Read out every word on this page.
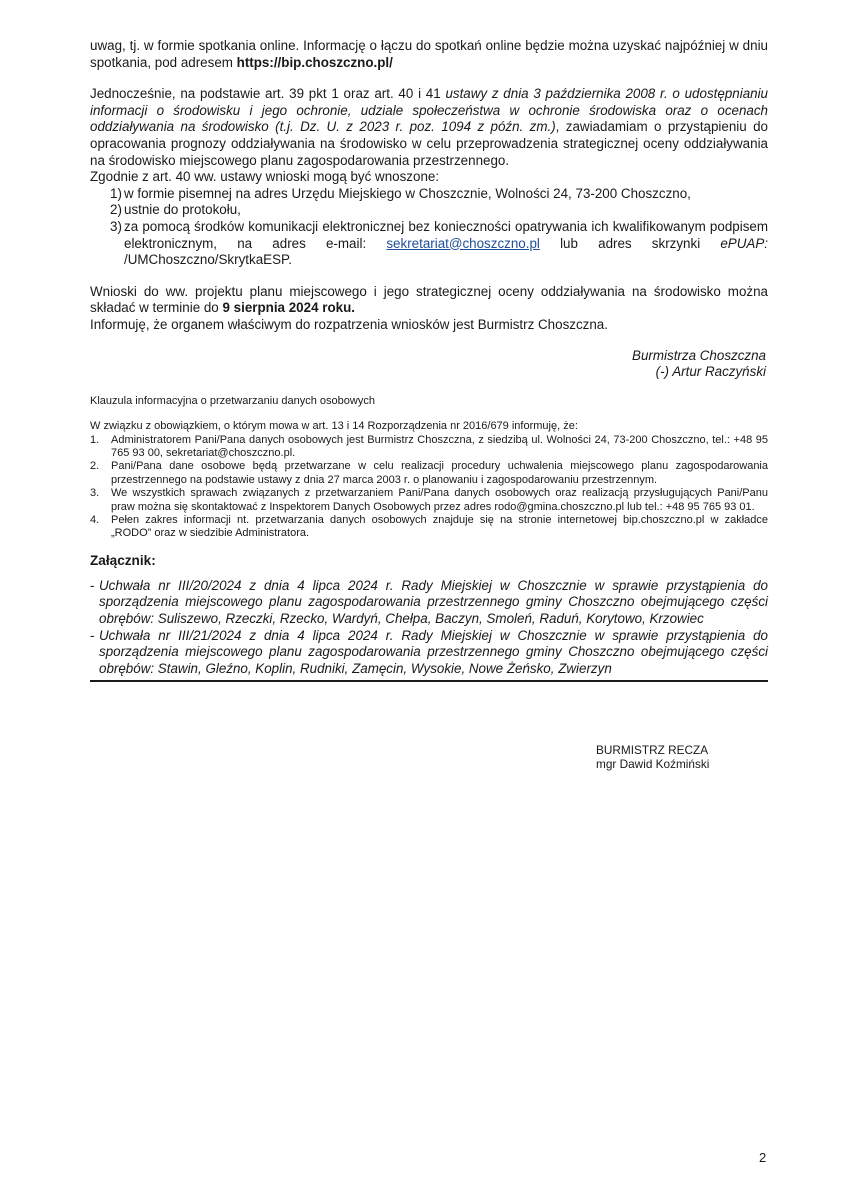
uwag, tj. w formie spotkania online. Informację o łączu do spotkań online będzie można uzyskać najpóźniej w dniu spotkania, pod adresem https://bip.choszczno.pl/

Jednocześnie, na podstawie art. 39 pkt 1 oraz art. 40 i 41 ustawy z dnia 3 października 2008 r. o udostępnianiu informacji o środowisku i jego ochronie, udziale społeczeństwa w ochronie środowiska oraz o ocenach oddziaływania na środowisko (t.j. Dz. U. z 2023 r. poz. 1094 z późn. zm.), zawiadamiam o przystąpieniu do opracowania prognozy oddziaływania na środowisko w celu przeprowadzenia strategicznej oceny oddziaływania na środowisko miejscowego planu zagospodarowania przestrzennego.

Zgodnie z art. 40 ww. ustawy wnioski mogą być wnoszone:

1) w formie pisemnej na adres Urzędu Miejskiego w Choszcznie, Wolności 24, 73-200 Choszczno,
2) ustnie do protokołu,
3) za pomocą środków komunikacji elektronicznej bez konieczności opatrywania ich kwalifikowanym podpisem elektronicznym, na adres e-mail: sekretariat@choszczno.pl lub adres skrzynki ePUAP: /UMChoszczno/SkrytkaESP.

Wnioski do ww. projektu planu miejscowego i jego strategicznej oceny oddziaływania na środowisko można składać w terminie do 9 sierpnia 2024 roku.

Informuję, że organem właściwym do rozpatrzenia wniosków jest Burmistrz Choszczna.

Burmistrza Choszczna
(-) Artur Raczyński
Klauzula informacyjna o przetwarzaniu danych osobowych
W związku z obowiązkiem, o którym mowa w art. 13 i 14 Rozporządzenia nr 2016/679 informuję, że:
1. Administratorem Pani/Pana danych osobowych jest Burmistrz Choszczna, z siedzibą ul. Wolności 24, 73-200 Choszczno, tel.: +48 95 765 93 00, sekretariat@choszczno.pl.
2. Pani/Pana dane osobowe będą przetwarzane w celu realizacji procedury uchwalenia miejscowego planu zagospodarowania przestrzennego na podstawie ustawy z dnia 27 marca 2003 r. o planowaniu i zagospodarowaniu przestrzennym.
3. We wszystkich sprawach związanych z przetwarzaniem Pani/Pana danych osobowych oraz realizacją przysługujących Pani/Panu praw można się skontaktować z Inspektorem Danych Osobowych przez adres rodo@gmina.choszczno.pl lub tel.: +48 95 765 93 01.
4. Pełen zakres informacji nt. przetwarzania danych osobowych znajduje się na stronie internetowej bip.choszczno.pl w zakładce „RODO” oraz w siedzibie Administratora.
Załącznik:
- Uchwała nr III/20/2024 z dnia 4 lipca 2024 r. Rady Miejskiej w Choszcznie w sprawie przystąpienia do sporządzenia miejscowego planu zagospodarowania przestrzennego gminy Choszczno obejmującego części obrębów: Suliszewo, Rzeczki, Rzecko, Wardyń, Chełpa, Baczyn, Smoleń, Raduń, Korytowo, Krzowiec
- Uchwała nr III/21/2024 z dnia 4 lipca 2024 r. Rady Miejskiej w Choszcznie w sprawie przystąpienia do sporządzenia miejscowego planu zagospodarowania przestrzennego gminy Choszczno obejmującego części obrębów: Stawin, Gleźno, Koplin, Rudniki, Zamęcin, Wysokie, Nowe Żeńsko, Zwierzyn
BURMISTRZ RECZA
mgr Dawid Koźmiński
2
